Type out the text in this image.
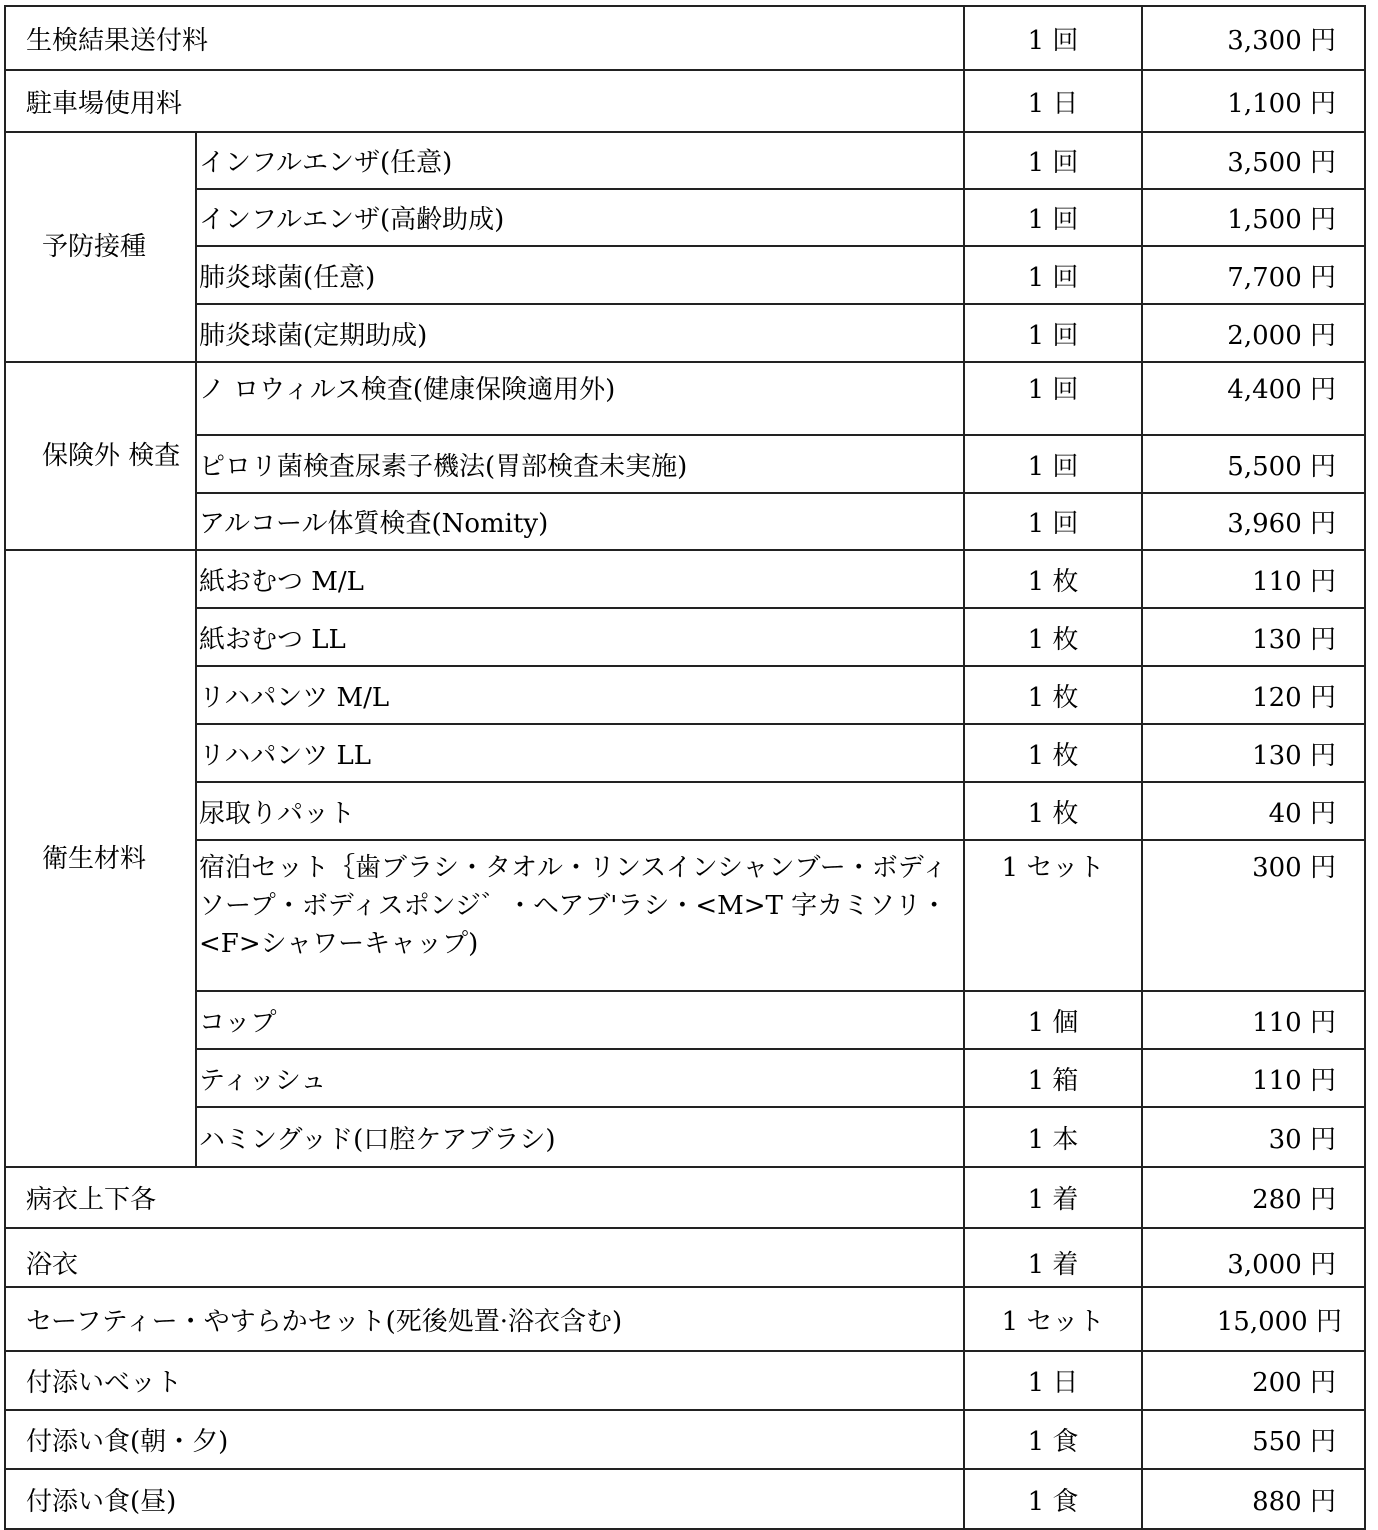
生検結果送付料		1 回	3,300 円
駐車場使用料		1 日	1,100 円
予防接種	インフルエンザ(任意)	1 回	3,500 円
	インフルエンザ(高齢助成)	1 回	1,500 円
	肺炎球菌(任意)	1 回	7,700 円
	肺炎球菌(定期助成)	1 回	2,000 円
保険外 検査	ノ ロウィルス検査(健康保険適用外)	1 回	4,400 円
	ピロリ菌検査尿素子機法(胃部検査未実施)	1 回	5,500 円
	アルコール体質検査(Nomity)	1 回	3,960 円
衛生材料	紙おむつ M/L	1 枚	110 円
	紙おむつ LL	1 枚	130 円
	リハパンツ M/L	1 枚	120 円
	リハパンツ LL	1 枚	130 円
	尿取りパット	1 枚	40 円
	宿泊セット｛歯ブラシ・タオル・リンスインシャンブー・ボディソープ・ボディスポンジ゛・ヘアブ'ラシ・<M>T 字カミソリ・<F>シャワーキャップ)	1 セット	300 円
	コップ	1 個	110 円
	ティッシュ	1 箱	110 円
	ハミングッド(口腔ケアブラシ)	1 本	30 円
病衣上下各		1 着	280 円
浴衣		1 着	3,000 円
セーフティー・やすらかセット(死後処置·浴衣含む)		1 セット	15,000 円
付添いベット		1 日	200 円
付添い食(朝・夕)		1 食	550 円
付添い食(昼)		1 食	880 円
